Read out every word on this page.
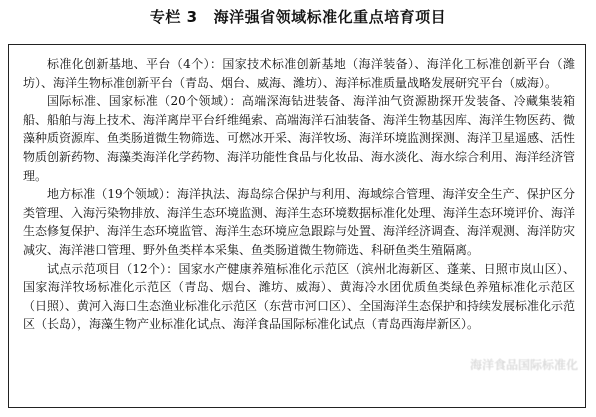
专栏 3 海洋强省领域标准化重点培育项目

标准化创新基地、平台（4个）：国家技术标准创新基地（海洋装备）、海洋化工标准创新平台（潍坊）、海洋生物标准创新平台（青岛、烟台、威海、潍坊）、海洋标准质量战略发展研究平台（威海）。

国际标准、国家标准（20个领域）：高端深海钻进装备、海洋油气资源勘探开发装备、冷藏集装箱船、船舶与海上技术、海洋离岸平台纤维绳索、高端海洋石油装备、海洋生物基因库、海洋生物医药、微藻种质资源库、鱼类肠道微生物筛选、可燃冰开采、海洋牧场、海洋环境监测探测、海洋卫星遥感、活性物质创新药物、海藻类海洋化学药物、海洋功能性食品与化妆品、海水淡化、海水综合利用、海洋经济管理。

地方标准（19个领域）：海洋执法、海岛综合保护与利用、海域综合管理、海洋安全生产、保护区分类管理、入海污染物排放、海洋生态环境监测、海洋生态环境数据标准化处理、海洋生态环境评价、海洋生态修复保护、海洋生态环境监管、海洋生态环境应急跟踪与处置、海洋经济调查、海洋观测、海洋防灾减灾、海洋港口管理、野外鱼类样本采集、鱼类肠道微生物筛选、科研鱼类生殖隔离。

试点示范项目（12个）：国家水产健康养殖标准化示范区（滨州北海新区、蓬莱、日照市岚山区）、国家海洋牧场标准化示范区（青岛、烟台、潍坊、威海）、黄海冷水团优质鱼类绿色养殖标准化示范区（日照）、黄河入海口生态渔业标准化示范区（东营市河口区）、全国海洋生态保护和持续发展标准化示范区（长岛），海藻生物产业标准化试点、海洋食品国际标准化试点（青岛西海岸新区）。

海洋食品国际标准化
